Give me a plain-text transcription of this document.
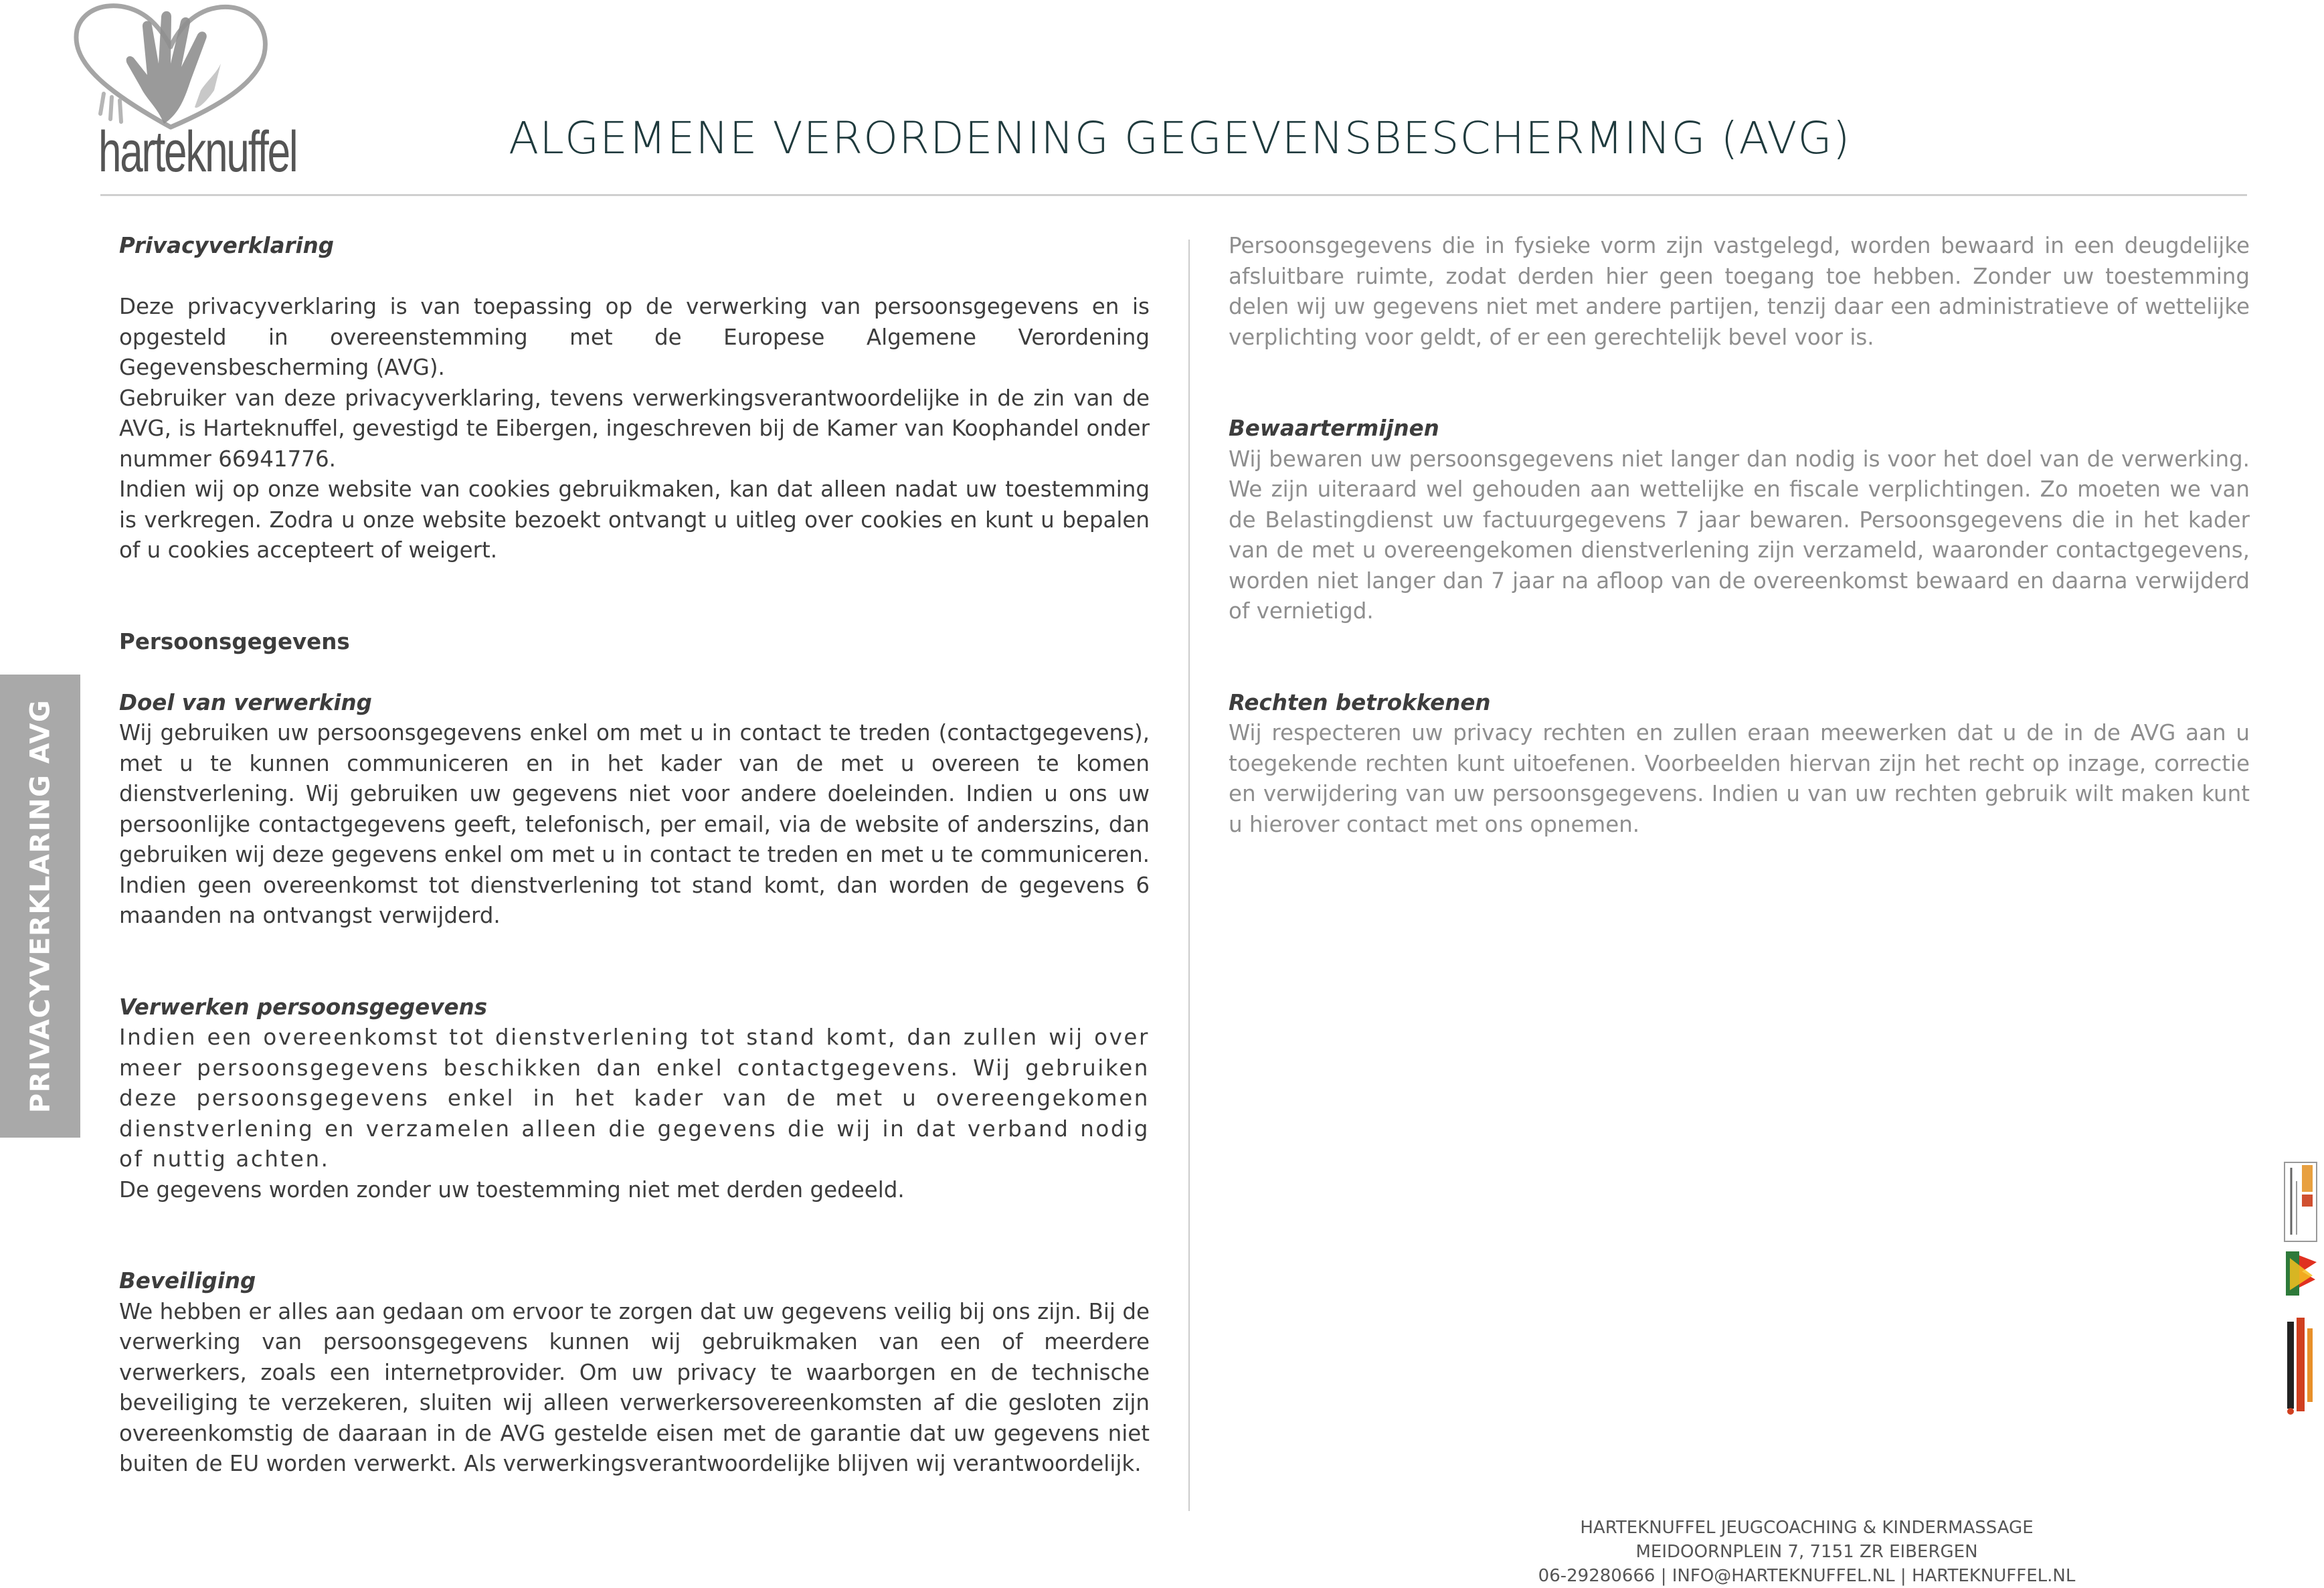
harteknuffel	ALGEMENE VERORDENING GEGEVENSBESCHERMING (AVG)
PRIVACYVERKLARING AVG

Privacyverklaring

Deze privacyverklaring is van toepassing op de verwerking van persoonsgegevens en is opgesteld in overeenstemming met de Europese Algemene Verordening Gegevensbescherming (AVG).

Gebruiker van deze privacyverklaring, tevens verwerkingsverantwoordelijke in de zin van de AVG, is Harteknuffel, gevestigd te Eibergen, ingeschreven bij de Kamer van Koophandel onder nummer 66941776.

Indien wij op onze website van cookies gebruikmaken, kan dat alleen nadat uw toestemming is verkregen. Zodra u onze website bezoekt ontvangt u uitleg over cookies en kunt u bepalen of u cookies accepteert of weigert.

Persoonsgegevens

Doel van verwerking

Wij gebruiken uw persoonsgegevens enkel om met u in contact te treden (contactgegevens), met u te kunnen communiceren en in het kader van de met u overeen te komen dienstverlening. Wij gebruiken uw gegevens niet voor andere doeleinden. Indien u ons uw persoonlijke contactgegevens geeft, telefonisch, per email, via de website of anderszins, dan gebruiken wij deze gegevens enkel om met u in contact te treden en met u te communiceren. Indien geen overeenkomst tot dienstverlening tot stand komt, dan worden de gegevens 6 maanden na ontvangst verwijderd.

Verwerken persoonsgegevens

Indien een overeenkomst tot dienstverlening tot stand komt, dan zullen wij over meer persoonsgegevens beschikken dan enkel contactgegevens. Wij gebruiken deze persoonsgegevens enkel in het kader van de met u overeengekomen dienstverlening en verzamelen alleen die gegevens die wij in dat verband nodig of nuttig achten.

De gegevens worden zonder uw toestemming niet met derden gedeeld.

Beveiliging

We hebben er alles aan gedaan om ervoor te zorgen dat uw gegevens veilig bij ons zijn. Bij de verwerking van persoonsgegevens kunnen wij gebruikmaken van een of meerdere verwerkers, zoals een internetprovider. Om uw privacy te waarborgen en de technische beveiliging te verzekeren, sluiten wij alleen verwerkersovereenkomsten af die gesloten zijn overeenkomstig de daaraan in de AVG gestelde eisen met de garantie dat uw gegevens niet buiten de EU worden verwerkt. Als verwerkingsverantwoordelijke blijven wij verantwoordelijk.

Persoonsgegevens die in fysieke vorm zijn vastgelegd, worden bewaard in een deugdelijke afsluitbare ruimte, zodat derden hier geen toegang toe hebben. Zonder uw toestemming delen wij uw gegevens niet met andere partijen, tenzij daar een administratieve of wettelijke verplichting voor geldt, of er een gerechtelijk bevel voor is.

Bewaartermijnen

Wij bewaren uw persoonsgegevens niet langer dan nodig is voor het doel van de verwerking. We zijn uiteraard wel gehouden aan wettelijke en fiscale verplichtingen. Zo moeten we van de Belastingdienst uw factuurgegevens 7 jaar bewaren. Persoonsgegevens die in het kader van de met u overeengekomen dienstverlening zijn verzameld, waaronder contactgegevens, worden niet langer dan 7 jaar na afloop van de overeenkomst bewaard en daarna verwijderd of vernietigd.

Rechten betrokkenen

Wij respecteren uw privacy rechten en zullen eraan meewerken dat u de in de AVG aan u toegekende rechten kunt uitoefenen. Voorbeelden hiervan zijn het recht op inzage, correctie en verwijdering van uw persoonsgegevens. Indien u van uw rechten gebruik wilt maken kunt u hierover contact met ons opnemen.

HARTEKNUFFEL JEUGCOACHING & KINDERMASSAGE
MEIDOORNPLEIN 7, 7151 ZR EIBERGEN
06-29280666 | INFO@HARTEKNUFFEL.NL | HARTEKNUFFEL.NL
